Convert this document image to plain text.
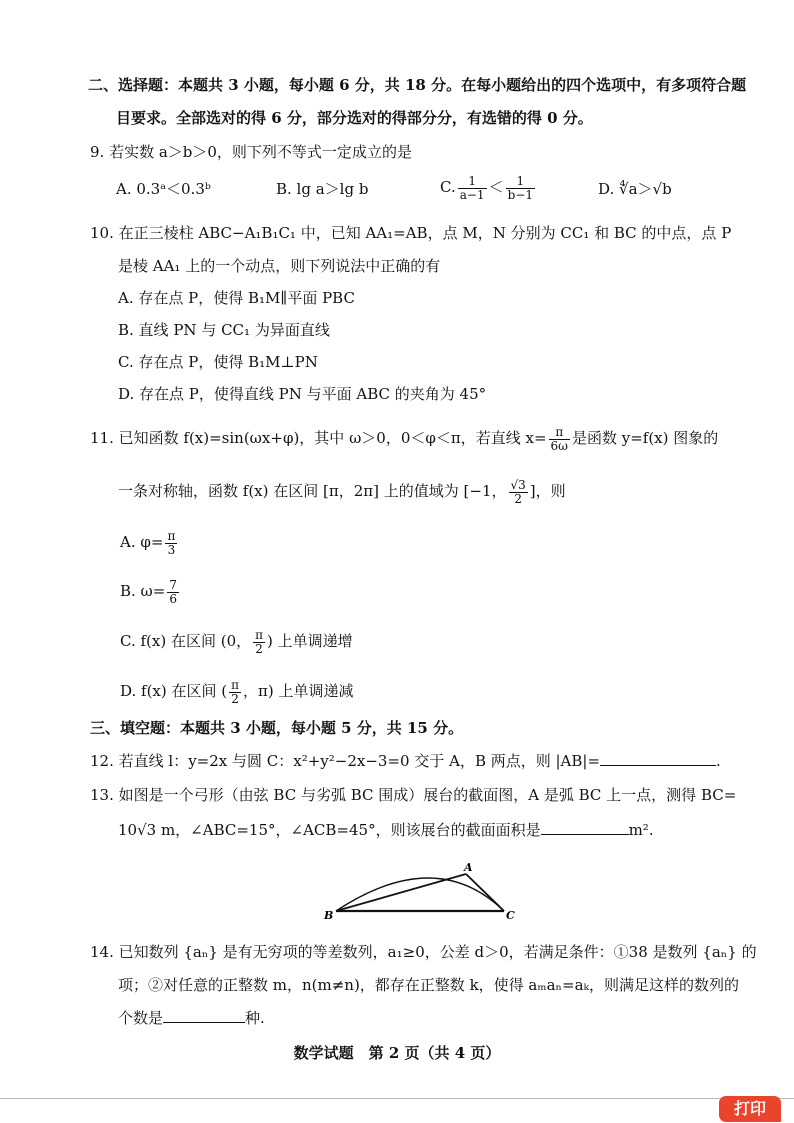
二、选择题：本题共 3 小题，每小题 6 分，共 18 分。在每小题给出的四个选项中，有多项符合题
目要求。全部选对的得 6 分，部分选对的得部分分，有选错的得 0 分。
9. 若实数 a＞b＞0，则下列不等式一定成立的是
A. 0.3ᵃ＜0.3ᵇ	B. lg a＞lg b	C. $\frac{1}{a-1} < \frac{1}{b-1}$	D. ∜a＞√b
10. 在正三棱柱 ABC−A₁B₁C₁ 中，已知 AA₁=AB，点 M，N 分别为 CC₁ 和 BC 的中点，点 P
是棱 AA₁ 上的一个动点，则下列说法中正确的有
A. 存在点 P，使得 B₁M∥平面 PBC
B. 直线 PN 与 CC₁ 为异面直线
C. 存在点 P，使得 B₁M⊥PN
D. 存在点 P，使得直线 PN 与平面 ABC 的夹角为 45°
11. 已知函数 f(x)=sin(ωx+φ)，其中 ω＞0，0＜φ＜π，若直线 $x= \frac{\pi}{6\omega}$ 是函数 y=f(x) 图象的
一条对称轴，函数 f(x) 在区间 [π，2π] 上的值域为 [−1， $\frac{√3}{2}$ ]，则
A. $\varphi= \frac{\pi}{3}$
B. $\omega= \frac{7}{6}$
C. f(x) 在区间 (0， $\frac{\pi}{2}$ ) 上单调递增
D. f(x) 在区间 ( $\frac{\pi}{2}$ ，π) 上单调递减
三、填空题：本题共 3 小题，每小题 5 分，共 15 分。
12. 若直线 l：y=2x 与圆 C：x²+y²−2x−3=0 交于 A，B 两点，则 |AB|=	.
13. 如图是一个弓形（由弦 BC 与劣弧 BC 围成）展台的截面图，A 是弧 BC 上一点，测得 BC=
10√3 m，∠ABC=15°，∠ACB=45°，则该展台的截面面积是	m².
A
B	C
14. 已知数列 {aₙ} 是有无穷项的等差数列，a₁≥0，公差 d＞0，若满足条件：①38 是数列 {aₙ} 的
项；②对任意的正整数 m，n(m≠n)，都存在正整数 k，使得 aₘaₙ=aₖ，则满足这样的数列的
个数是	种.
数学试题　第 2 页（共 4 页）
打印
